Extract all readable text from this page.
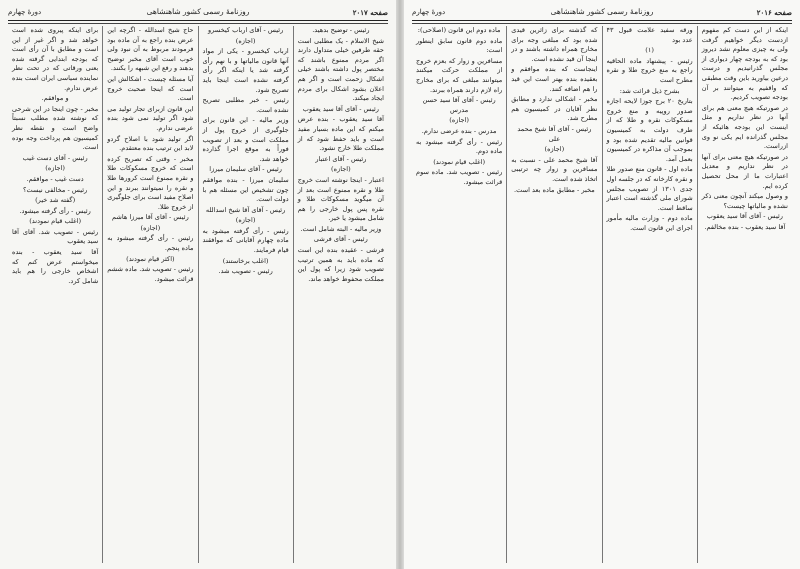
صفحه ۲۰۱۷
روزنامهٔ رسمی کشور شاهنشاهی
دورهٔ چهارم

رئیس - توضیح بدهید.

شیخ الاسلام - یک مطلبی است حقه طرفین خیلی متداول دارند اگر مردم ممنوع باشند که مختصر پول داشته باشند خیلی اشکال زحمت است و اگر هم اعلان بشود اشکال برای مردم ایجاد میکند.

رئیس - آقای آقا سید یعقوب

آقا سید یعقوب - بنده عرض میکنم که این ماده بسیار مفید است و باید حفظ شود که از مملکت طلا خارج نشود.

رئیس - آقای اعتبار

(اجازه)

اعتبار - اینجا نوشته است خروج طلا و نقره ممنوع است بعد از آن میگوید مسکوکات طلا و نقره پس پول خارجی را هم شامل میشود یا خیر.

وزیر مالیه - البته شامل است.

رئیس - آقای فرشی

فرشی - عقیده بنده این است که ماده باید به همین ترتیب تصویب شود زیرا که پول این مملکت محفوظ خواهد ماند.

رئیس - آقای ارباب کیخسرو

(اجازه)

ارباب کیخسرو - یکی از مواد آنها قانون مالیاتها و با نهم رأی گرفته شد یا اینکه اگر رأی گرفته نشده است اینجا باید تصریح شود.

رئیس - خبر مطلبی تصریح نشده است.

وزیر مالیه - این قانون برای جلوگیری از خروج پول از مملکت است و بعد از تصویب فوراً به موقع اجرا گذارده خواهد شد.

رئیس - آقای سلیمان میرزا

سلیمان میرزا - بنده موافقم چون تشخیص این مسئله هم با دولت است.

رئیس - آقای آقا شیخ اسدالله

(اجازه)

رئیس - رأی گرفته میشود به ماده چهارم آقایانی که موافقند قیام فرمایند.

(اغلب برخاستند)

رئیس - تصویب شد.

حاج شیخ اسدالله - اگرچه این عرض بنده راجع به آن ماده بود فرمودند مربوط به آن نبود ولی خوب است آقای مخبر توضیح بدهند و رفع این شبهه را بکنند.

آیا مسئله چیست - اشکالش این است که اینجا صحبت خروج است.

این قانون ازبرای تجار تولید می شود اگر تولید نمی شود بنده عرضی ندارم.

اگر تولید شود با اصلاح گردو لابد این ترتیب بنده معتقدم.

مخبر - وقتی که تصریح کرده است که خروج مسکوکات طلا و نقره ممنوع است کرورها طلا و نقره را نمیتوانند ببرند و این اصلاح مفید است برای جلوگیری از خروج طلا.

رئیس - آقای آقا میرزا هاشم

(اجازه)

رئیس - رأی گرفته میشود به ماده پنجم.

(اکثر قیام نمودند)

رئیس - تصویب شد. ماده ششم قرائت میشود.

برای اینکه پیروی شده است خواهد شد و اگر غیر از این است و مطابق با آن رأی است که بودجه ابتدایی گرفته شده بعنی ورقاتی که در تحت نظر نماینده سیاسی ایران است بنده عرض ندارم.

و موافقم.

مخبر - چون اینجا در این شرحی که نوشته شده مطلب نسبتاً واضح است و نقطه نظر کمیسیون هم پرداخت وجه بوده است.

رئیس - آقای دست غیب

(اجازه)

دست غیب - موافقم.

رئیس - مخالفی نیست؟

(گفته شد خیر)

رئیس - رأی گرفته میشود.

(اغلب قیام نمودند)

رئیس - تصویب شد. آقای آقا سید یعقوب

آقا سید یعقوب - بنده میخواستم عرض کنم که اشخاص خارجی را هم باید شامل کرد.

صفحه ۲۰۱۶
روزنامهٔ رسمی کشور شاهنشاهی
دورهٔ چهارم

اینکه از این دست کم مفهوم ازدست دیگر خواهیم گرفت ولی به چیزی معلوم نشد دیروز بود که به بودجه چهار دیواری از مجلس گذرانیدیم و درست درعین بیاورید باین وقت مطبقی که واقفیم به میتوانند بر آن بودجه تصویب کردیم.

در صورتیکه هیچ معنی هم برای آنها در نظر نداریم و مثل اینست این بودجه هائیکه از مجلس گذرانده ایم یکی نو وی ازراست.

در صورتیکه هیچ معنی برای آنها در نظر نداریم و معدیل اعتبارات ما از محل تحصیل کرده ایم.

و وصول میکند آنچون معنی ذکر نشده و مالیاتها چیست؟

رئیس - آقای آقا سید یعقوب

آقا سید یعقوب - بنده مخالفم.

ورقه سفید علامت قبول ۴۳ عدد بود

(۱)

رئیس - پیشنهاد ماده الحاقیه راجع به منع خروج طلا و نقره مطرح است

بشرح ذیل قرائت شد:

بتاریخ ۲۰ برج جوزا لایحه اجازه صدور روپیه و منع خروج مسکوکات نقره و طلا که از طرف دولت به کمیسیون قوانین مالیه تقدیم شده بود و بموجب آن مذاکره در کمیسیون بعمل آمد.

ماده اول - قانون منع صدور طلا و نقره کارخانه که در جلسه اول جدی ۱۳۰۱ از تصویب مجلس شورای ملی گذشته است اعتبار ساقط است.

ماده دوم - وزارت مالیه مأمور اجرای این قانون است.

که گذشته برای زائرین قیدی شده بود که مبلغی وجه برای مخارج همراه داشته باشند و در اینجا آن قید نشده است.

اینجاست که بنده موافقم و بعقیده بنده بهتر است این قید را هم اضافه کنند.

مخبر - اشکالی ندارد و مطابق نظر آقایان در کمیسیون هم مطرح شد.

رئیس - آقای آقا شیخ محمد علی

(اجازه)

آقا شیخ محمد علی - نسبت به مسافرین و زوار چه ترتیبی اتخاذ شده است.

مخبر - مطابق ماده بعد است.

ماده دوم این قانون (اصلاحی):

ماده دوم قانون سابق اینطور است:

مسافرین و زوار که بعزم خروج از مملکت حرکت میکنند میتوانند مبلغی که برای مخارج راه لازم دارند همراه ببرند.

رئیس - آقای آقا سید حسن مدرس

(اجازه)

مدرس - بنده عرضی ندارم.

رئیس - رأی گرفته میشود به ماده دوم.

(اغلب قیام نمودند)

رئیس - تصویب شد. ماده سوم قرائت میشود.
